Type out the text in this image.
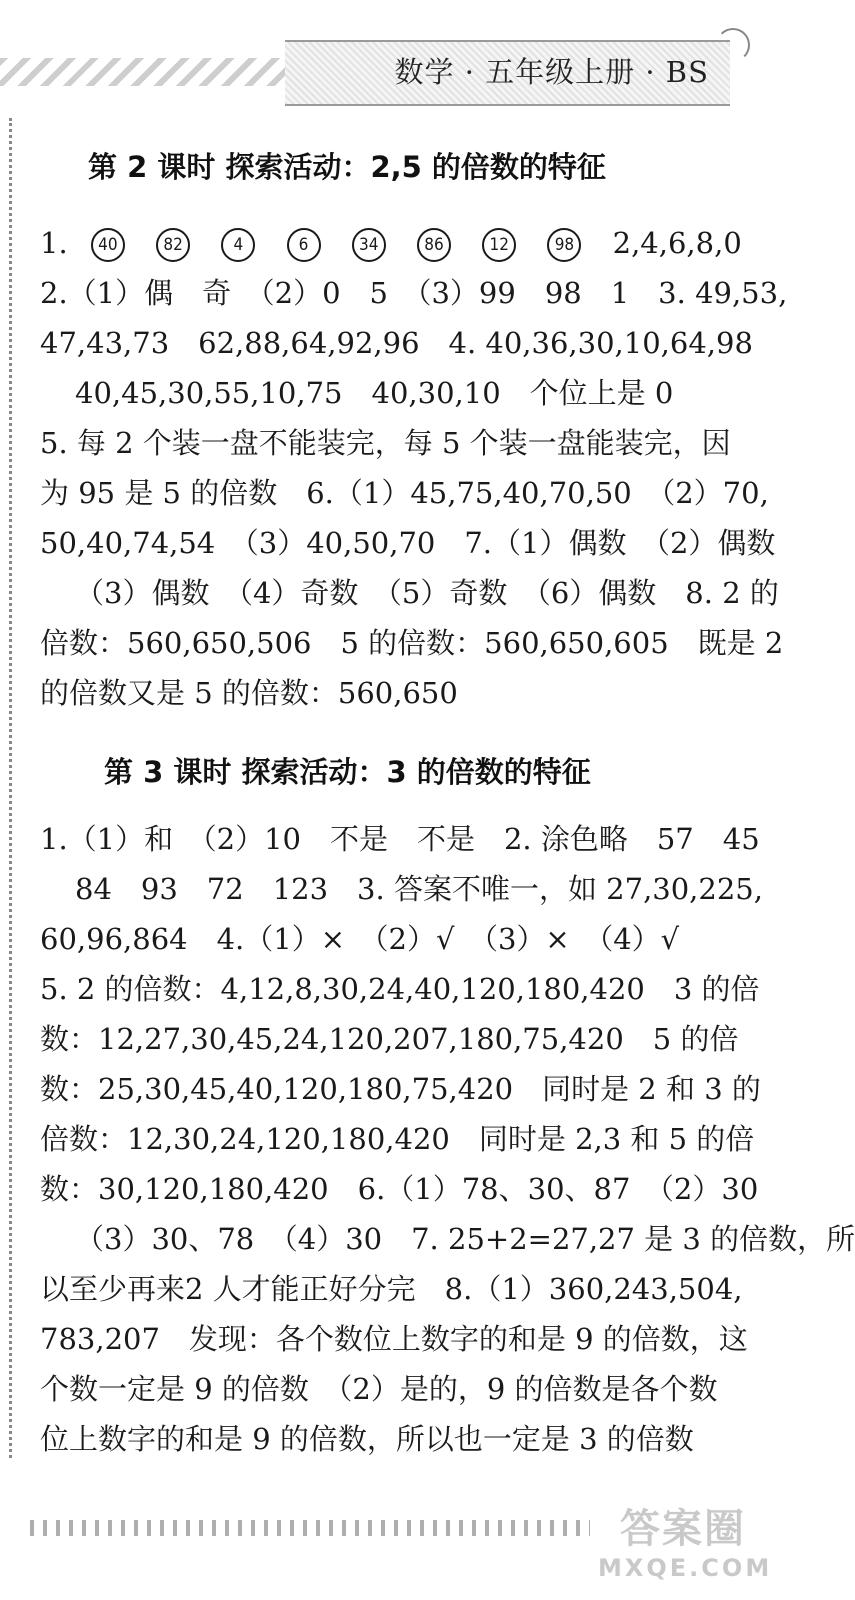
数学 · 五年级上册 · BS
第 2 课时 探索活动：2,5 的倍数的特征
1. 40	82	4	6	34	86	12	98 2,4,6,8,0
2.（1）偶　奇　（2）0　5　（3）99　98　1　3. 49,53,
47,43,73　62,88,64,92,96　4. 40,36,30,10,64,98
40,45,30,55,10,75　40,30,10　个位上是 0
5. 每 2 个装一盘不能装完，每 5 个装一盘能装完，因
为 95 是 5 的倍数　6.（1）45,75,40,70,50　（2）70,
50,40,74,54　（3）40,50,70　7.（1）偶数　（2）偶数
（3）偶数　（4）奇数　（5）奇数　（6）偶数　8. 2 的
倍数：560,650,506　5 的倍数：560,650,605　既是 2
的倍数又是 5 的倍数：560,650
第 3 课时 探索活动：3 的倍数的特征
1.（1）和　（2）10　不是　不是　2. 涂色略　57　45
84　93　72　123　3. 答案不唯一，如 27,30,225,
60,96,864　4.（1）×　（2）√　（3）×　（4）√
5. 2 的倍数：4,12,8,30,24,40,120,180,420　3 的倍
数：12,27,30,45,24,120,207,180,75,420　5 的倍
数：25,30,45,40,120,180,75,420　同时是 2 和 3 的
倍数：12,30,24,120,180,420　同时是 2,3 和 5 的倍
数：30,120,180,420　6.（1）78、30、87　（2）30
（3）30、78　（4）30　7. 25+2=27,27 是 3 的倍数，所
以至少再来2 人才能正好分完　8.（1）360,243,504,
783,207　发现：各个数位上数字的和是 9 的倍数，这
个数一定是 9 的倍数　（2）是的，9 的倍数是各个数
位上数字的和是 9 的倍数，所以也一定是 3 的倍数
答案圈
MXQE.COM
